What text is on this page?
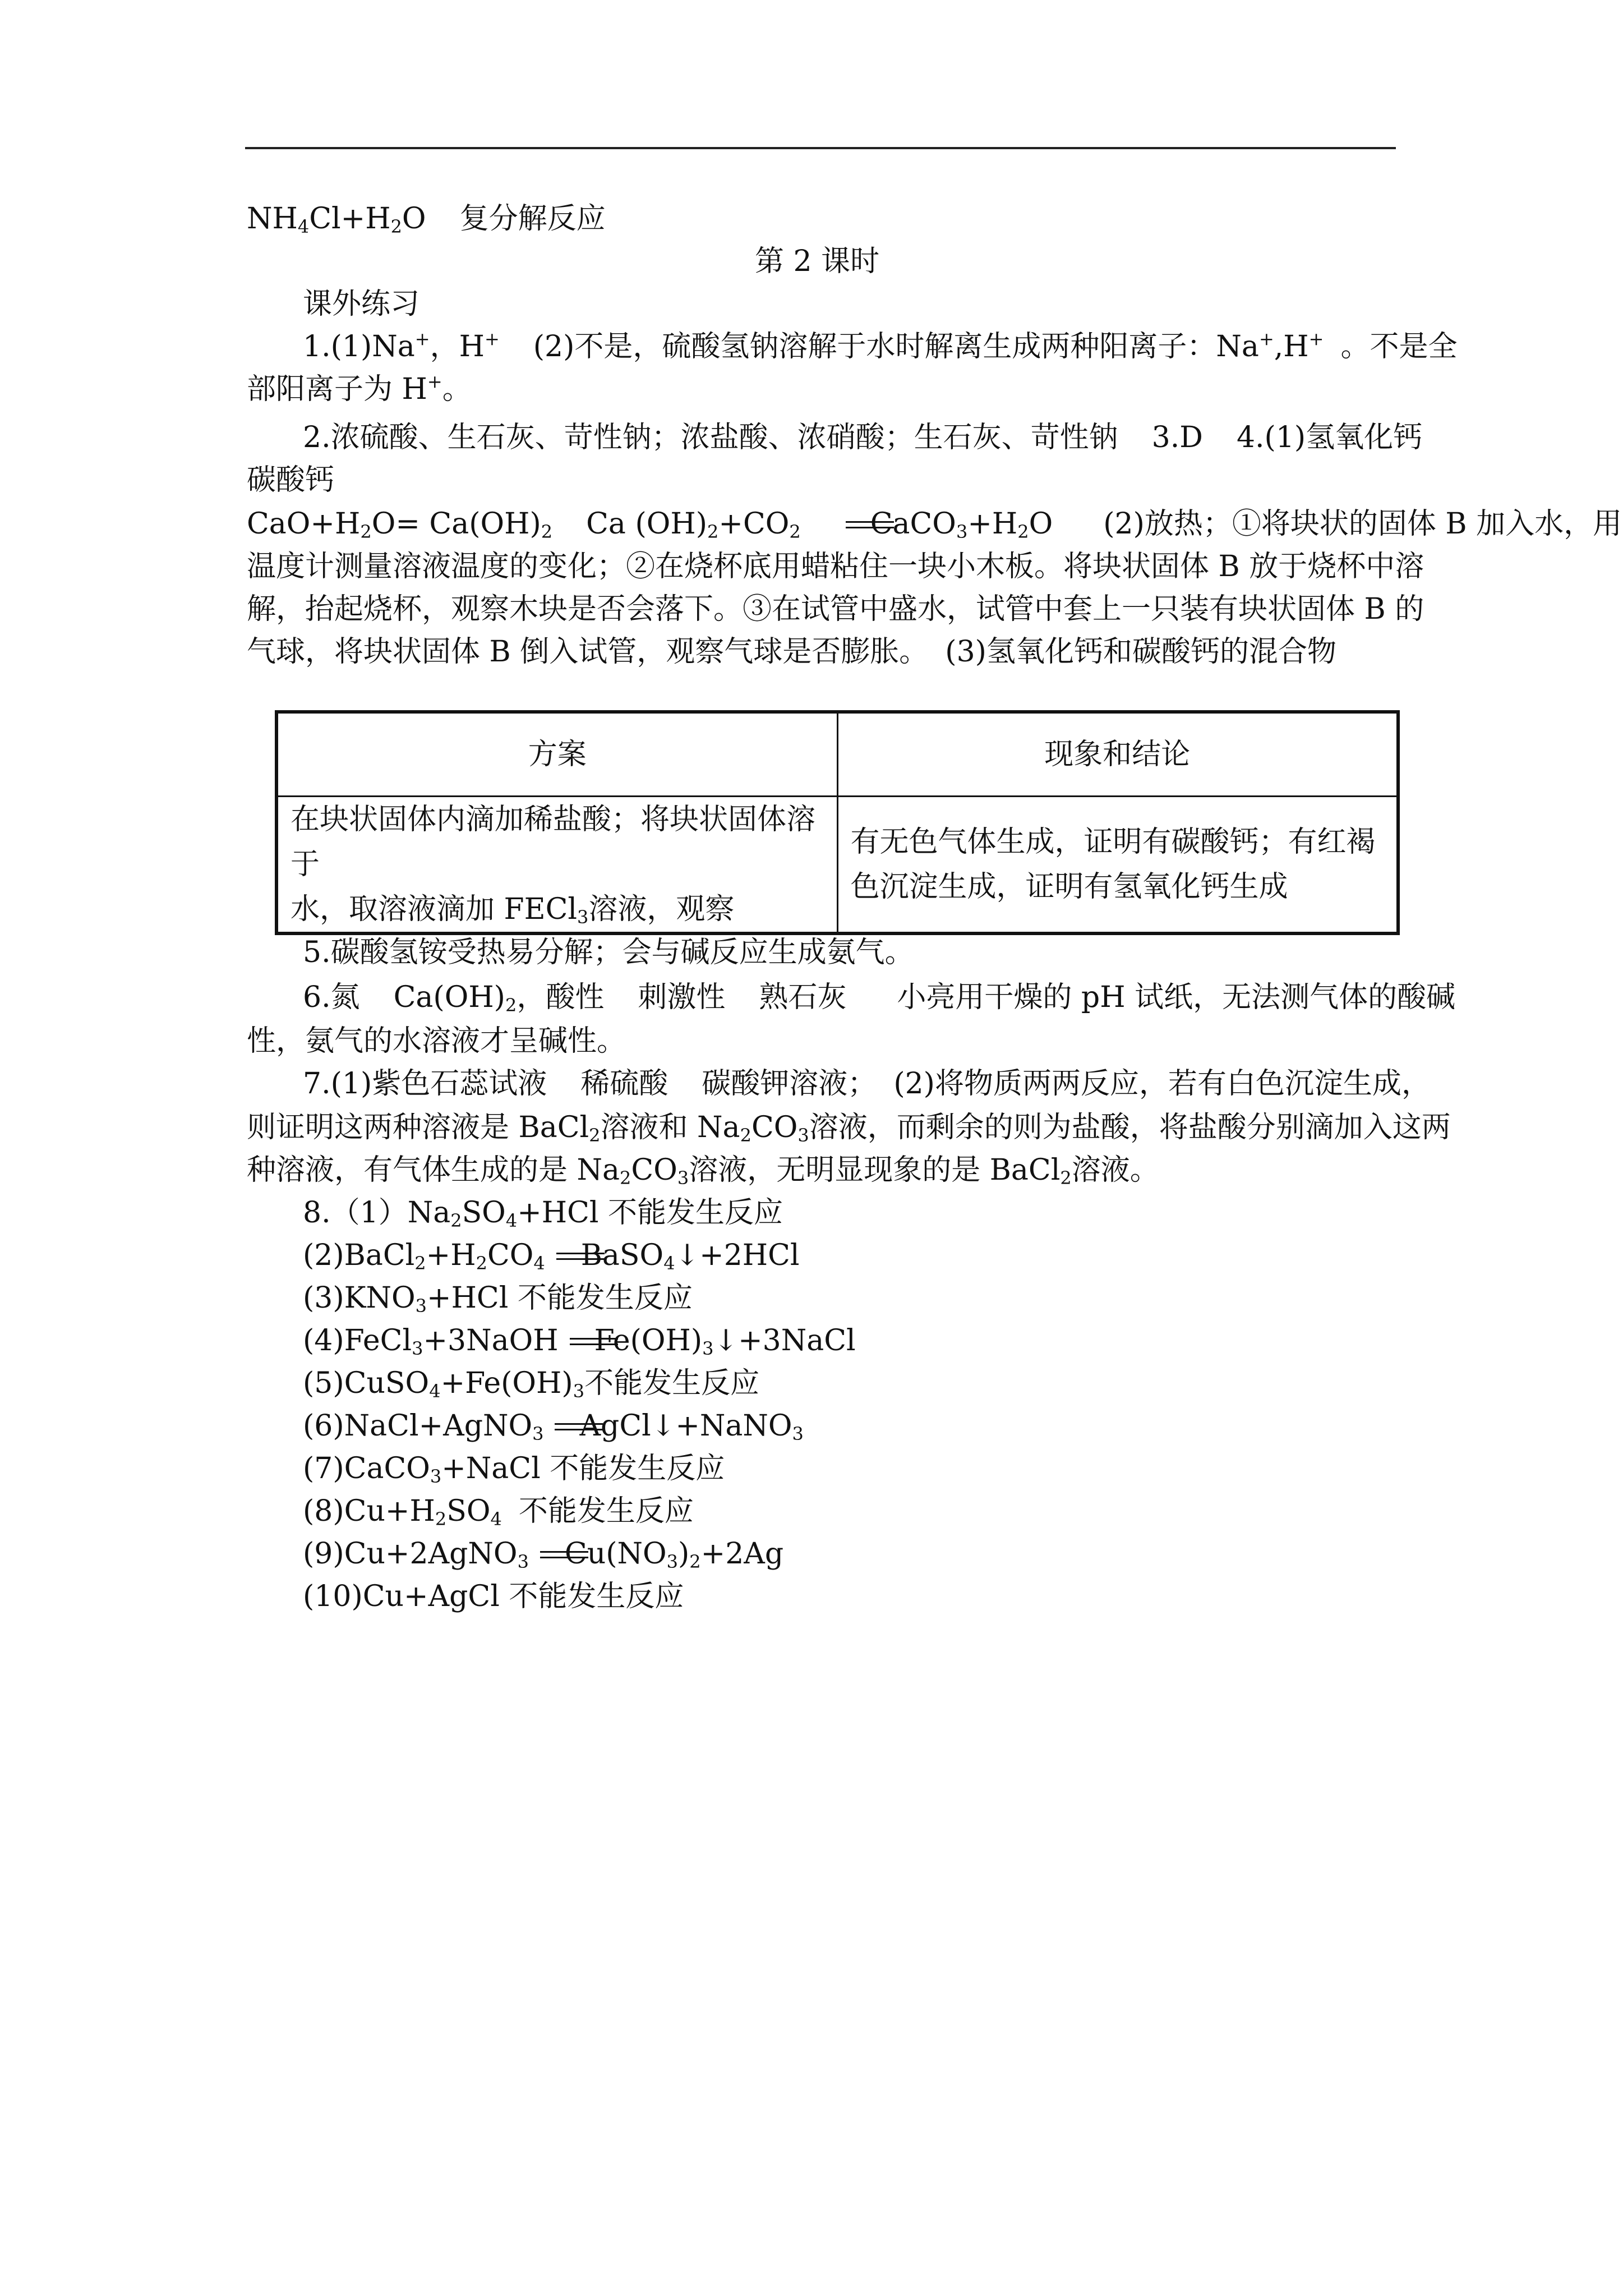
$NH_4Cl+H_2O$ 复分解反应
第 2 课时
课外练习
1.(1)Na+，H+ (2)不是，硫酸氢钠溶解于水时解离生成两种阳离子：Na+,H+ 。不是全
部阳离子为 H+。
2.浓硫酸、生石灰、苛性钠；浓盐酸、浓硝酸；生石灰、苛性钠 3.D 4.(1)氢氧化钙
碳酸钙
$CaO+H_2O= Ca(OH)_2$ Ca $(OH)_2+CO_2$ $CaCO_3+H_2O$ (2)放热；①将块状的固体 B 加入水，用
温度计测量溶液温度的变化；②在烧杯底用蜡粘住一块小木板。将块状固体 B 放于烧杯中溶
解，抬起烧杯，观察木块是否会落下。③在试管中盛水，试管中套上一只装有块状固体 B 的
气球，将块状固体 B 倒入试管，观察气球是否膨胀。 (3)氢氧化钙和碳酸钙的混合物
方案	现象和结论
在块状固体内滴加稀盐酸；将块状固体溶于
水，取溶液滴加 FECl$_3$溶液，观察	有无色气体生成，证明有碳酸钙；有红褐
色沉淀生成，证明有氢氧化钙生成
5.碳酸氢铵受热易分解；会与碱反应生成氨气。
6.氮 $Ca(OH)_2$，酸性 刺激性 熟石灰 小亮用干燥的 pH 试纸，无法测气体的酸碱
性，氨气的水溶液才呈碱性。
7.(1)紫色石蕊试液 稀硫酸 碳酸钾溶液； (2)将物质两两反应，若有白色沉淀生成，
则证明这两种溶液是 BaCl$_2$溶液和 $Na_2CO_3$溶液，而剩余的则为盐酸，将盐酸分别滴加入这两
种溶液，有气体生成的是 $Na_2CO_3$溶液，无明显现象的是 BaCl$_2$溶液。
$8.(1)Na_2SO_4+HCl$ 不能发生反应
$(2)BaCl_2+H_2CO_4$ BaSO$_4$↓+2HCl
$(3)KNO_3+HCl$ 不能发生反应
(4)FeCl$_3$+3NaOH $Fe(OH)_3↓+3NaCl$
$(5)CuSO_4+Fe(OH)_3$不能发生反应
(6)NaCl+AgNO$_3$ AgCl↓+NaNO$_3$
(7)CaCO$_3$+NaCl 不能发生反应
$(8)Cu+H_2SO_4$ 不能发生反应
(9)Cu+2AgNO$_3$ $Cu(NO_3)_2+2Ag$
(10)Cu+AgCl 不能发生反应
